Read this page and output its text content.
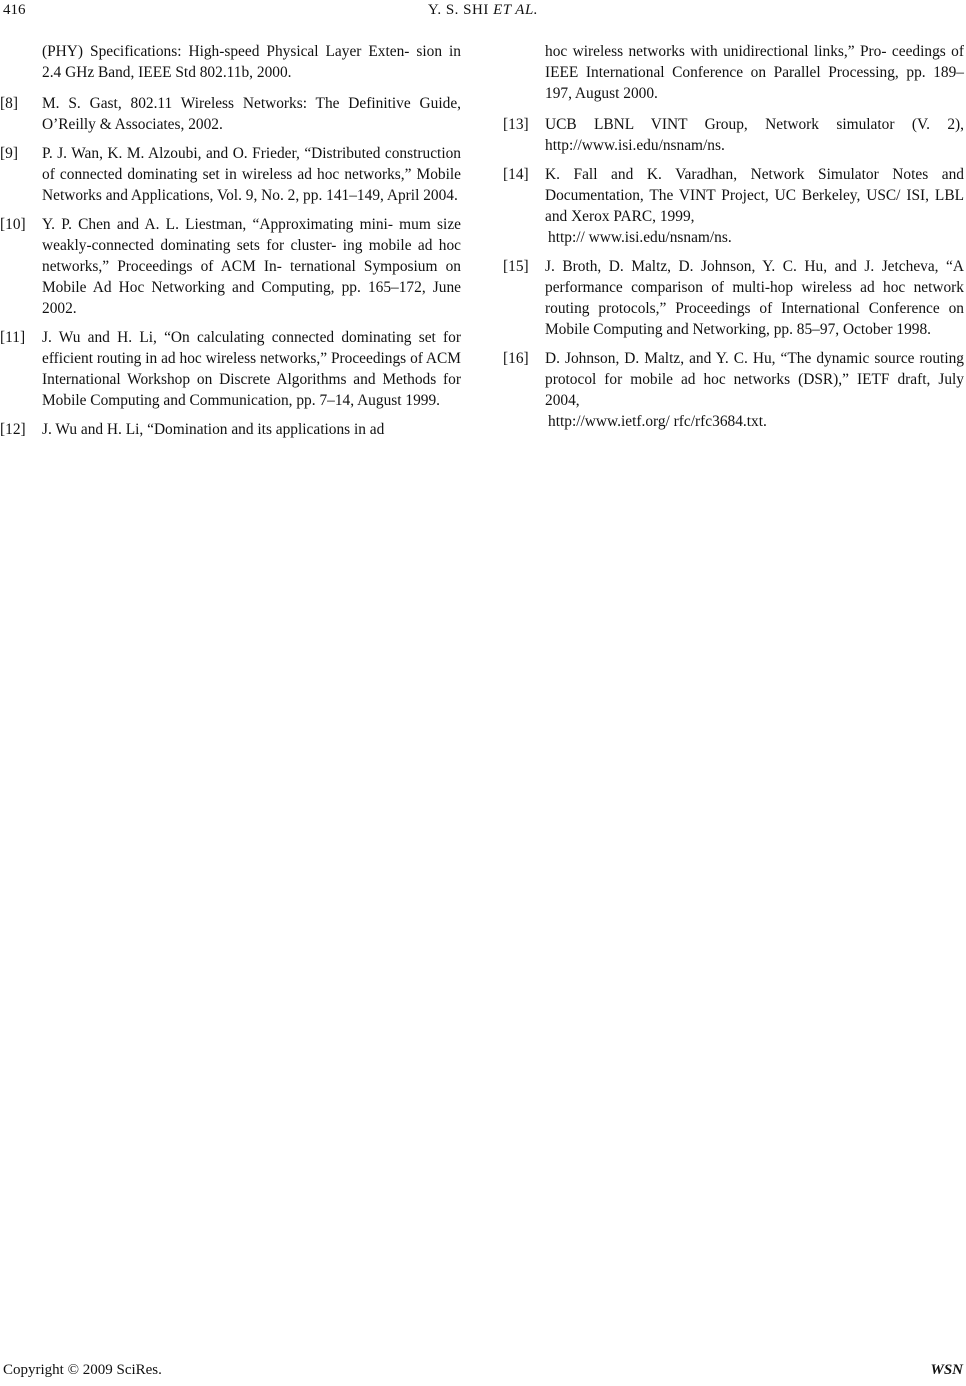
416	Y. S. SHI ET AL.
(PHY) Specifications: High-speed Physical Layer Exten- sion in 2.4 GHz Band, IEEE Std 802.11b, 2000.
[8] M. S. Gast, 802.11 Wireless Networks: The Definitive Guide, O’Reilly & Associates, 2002.
[9] P. J. Wan, K. M. Alzoubi, and O. Frieder, “Distributed construction of connected dominating set in wireless ad hoc networks,” Mobile Networks and Applications, Vol. 9, No. 2, pp. 141–149, April 2004.
[10] Y. P. Chen and A. L. Liestman, “Approximating mini- mum size weakly-connected dominating sets for cluster- ing mobile ad hoc networks,” Proceedings of ACM In- ternational Symposium on Mobile Ad Hoc Networking and Computing, pp. 165–172, June 2002.
[11] J. Wu and H. Li, “On calculating connected dominating set for efficient routing in ad hoc wireless networks,” Proceedings of ACM International Workshop on Discrete Algorithms and Methods for Mobile Computing and Communication, pp. 7–14, August 1999.
[12] J. Wu and H. Li, “Domination and its applications in ad
hoc wireless networks with unidirectional links,” Pro- ceedings of IEEE International Conference on Parallel Processing, pp. 189–197, August 2000.
[13] UCB LBNL VINT Group, Network simulator (V. 2), http://www.isi.edu/nsnam/ns.
[14] K. Fall and K. Varadhan, Network Simulator Notes and Documentation, The VINT Project, UC Berkeley, USC/ ISI, LBL and Xerox PARC, 1999,
http:// www.isi.edu/nsnam/ns.
[15] J. Broth, D. Maltz, D. Johnson, Y. C. Hu, and J. Jetcheva, “A performance comparison of multi-hop wireless ad hoc network routing protocols,” Proceedings of International Conference on Mobile Computing and Networking, pp. 85–97, October 1998.
[16] D. Johnson, D. Maltz, and Y. C. Hu, “The dynamic source routing protocol for mobile ad hoc networks (DSR),” IETF draft, July 2004,
http://www.ietf.org/ rfc/rfc3684.txt.
Copyright © 2009 SciRes.	WSN
